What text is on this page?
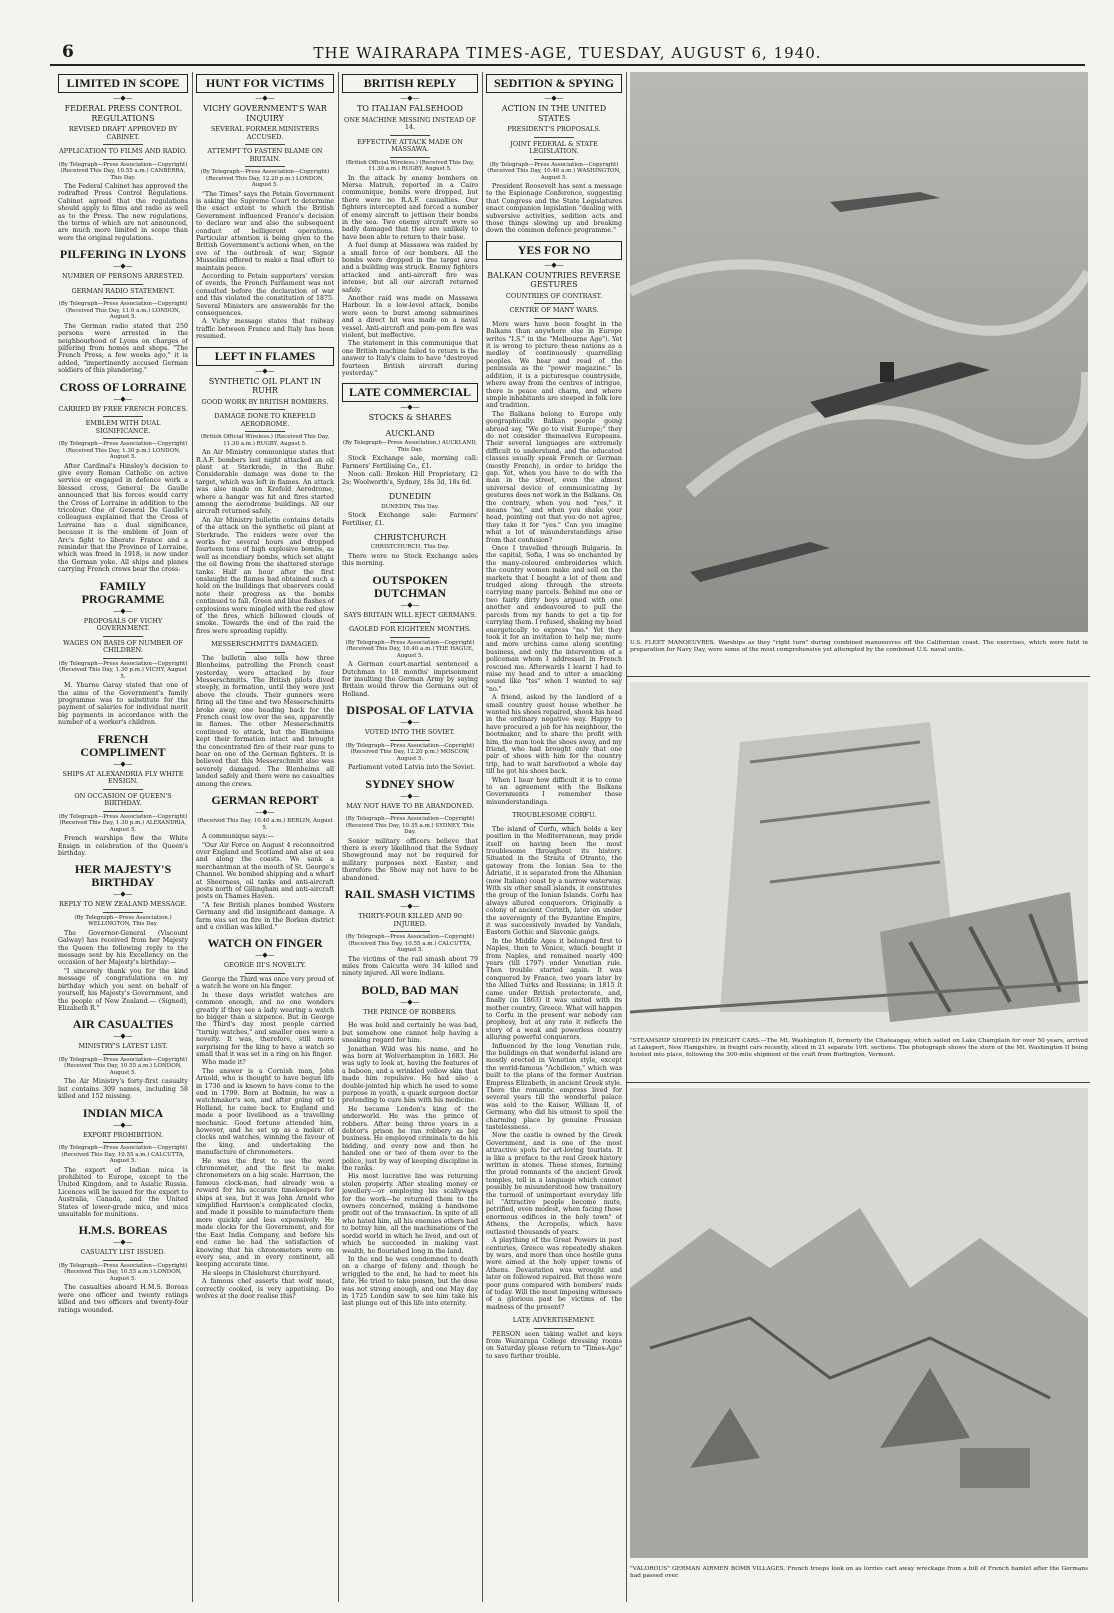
6	THE WAIRARAPA TIMES-AGE, TUESDAY, AUGUST 6, 1940.
LIMITED IN SCOPE
—◆—
FEDERAL PRESS CONTROL REGULATIONS
REVISED DRAFT APPROVED BY CABINET.
APPLICATION TO FILMS AND RADIO.
(By Telegraph—Press Association—Copyright) (Received This Day, 10.55 a.m.) CANBERRA, This Day.

The Federal Cabinet has approved the redrafted Press Control Regulations. Cabinet agreed that the regulations should apply to films and radio as well as to the Press. The new regulations, the terms of which are not announced, are much more limited in scope than were the original regulations.

PILFERING IN LYONS
—◆—
NUMBER OF PERSONS ARRESTED.
GERMAN RADIO STATEMENT.
(By Telegraph—Press Association—Copyright) (Received This Day, 11.0 a.m.) LONDON, August 5.

The German radio stated that 250 persons were arrested in the neighbourhood of Lyons on charges of pilfering from homes and shops. "The French Press, a few weeks ago," it is added, "impertinently accused German soldiers of this plundering."

CROSS OF LORRAINE
—◆—
CARRIED BY FREE FRENCH FORCES.
EMBLEM WITH DUAL SIGNIFICANCE.
(By Telegraph—Press Association—Copyright) (Received This Day, 1.30 p.m.) LONDON, August 5.

After Cardinal's Hinsley's decision to give every Roman Catholic on active service or engaged in defence work a blessed cross, General De Gaulle announced that his forces would carry the Cross of Lorraine in addition to the tricolour. One of General De Gaulle's colleagues explained that the Cross of Lorraine has a dual significance, because it is the emblem of Joan of Arc's fight to liberate France and a reminder that the Province of Lorraine, which was freed in 1918, is now under the German yoke. All ships and planes carrying French crews bear the cross.

FAMILY PROGRAMME
—◆—
PROPOSALS OF VICHY GOVERNMENT.
WAGES ON BASIS OF NUMBER OF CHILDREN.
(By Telegraph—Press Association—Copyright) (Received This Day, 1.30 p.m.) VICHY, August 5.

M. Ybarne Garay stated that one of the aims of the Government's family programme was to substitute for the payment of salaries for individual merit big payments in accordance with the number of a worker's children.

FRENCH COMPLIMENT
—◆—
SHIPS AT ALEXANDRIA FLY WHITE ENSIGN.
ON OCCASION OF QUEEN'S BIRTHDAY.
(By Telegraph—Press Association—Copyright) (Received This Day, 1.30 p.m.) ALEXANDRIA, August 5.

French warships flew the White Ensign in celebration of the Queen's birthday.

HER MAJESTY'S BIRTHDAY
—◆—
REPLY TO NEW ZEALAND MESSAGE.
(By Telegraph—Press Association.) WELLINGTON, This Day.

The Governor-General (Viscount Galway) has received from her Majesty the Queen the following reply to the message sent by his Excellency on the occasion of her Majesty's birthday:—

"I sincerely thank you for the kind message of congratulations on my birthday which you sent on behalf of yourself, his Majesty's Government, and the people of New Zealand.— (Signed), Elizabeth R."

AIR CASUALTIES
—◆—
MINISTRY'S LATEST LIST.
(By Telegraph—Press Association—Copyright) (Received This Day, 10.55 a.m.) LONDON, August 5.

The Air Ministry's forty-first casualty list contains 309 names, including 58 killed and 152 missing.

INDIAN MICA
—◆—
EXPORT PROHIBITION.
(By Telegraph—Press Association—Copyright) (Received This Day, 10.55 a.m.) CALCUTTA, August 5.

The export of Indian mica is prohibited to Europe, except to the United Kingdom, and to Asiatic Russia. Licences will be issued for the export to Australia, Canada, and the United States of lower-grade mica, and mica unsuitable for munitions.

H.M.S. BOREAS
—◆—
CASUALTY LIST ISSUED.
(By Telegraph—Press Association—Copyright) (Received This Day, 10.55 a.m.) LONDON, August 5.

The casualties aboard H.M.S. Boreas were one officer and twenty ratings killed and two officers and twenty-four ratings wounded.

HUNT FOR VICTIMS
—◆—
VICHY GOVERNMENT'S WAR INQUIRY
SEVERAL FORMER MINISTERS ACCUSED.
ATTEMPT TO FASTEN BLAME ON BRITAIN.
(By Telegraph—Press Association—Copyright) (Received This Day, 12.20 p.m.) LONDON, August 5.

"The Times" says the Petain Government is asking the Supreme Court to determine the exact extent to which the British Government influenced France's decision to declare war and also the subsequent conduct of belligerent operations. Particular attention is being given to the British Government's actions when, on the eve of the outbreak of war, Signor Mussolini offered to make a final effort to maintain peace.

According to Petain supporters' version of events, the French Parliament was not consulted before the declaration of war and this violated the constitution of 1875. Several Ministers are answerable for the consequences.

A Vichy message states that railway traffic between France and Italy has been resumed.

LEFT IN FLAMES
—◆—
SYNTHETIC OIL PLANT IN RUHR
GOOD WORK BY BRITISH BOMBERS.
DAMAGE DONE TO KREFELD AERODROME.
(British Official Wireless.) (Received This Day, 11.30 a.m.) RUGBY, August 5.

An Air Ministry communique states that R.A.F. bombers last night attacked an oil plant at Sterkrade, in the Ruhr. Considerable damage was done to the target, which was left in flames. An attack was also made on Krefeld Aerodrome, where a hangar was hit and fires started among the aerodrome buildings. All our aircraft returned safely.

An Air Ministry bulletin contains details of the attack on the synthetic oil plant at Sterkrade. The raiders were over the works for several hours and dropped fourteen tons of high explosive bombs, as well as incendiary bombs, which set alight the oil flowing from the shattered storage tanks. Half an hour after the first onslaught the flames had obtained such a hold on the buildings that observers could note their progress as the bombs continued to fall. Green and blue flashes of explosions were mingled with the red glow of the fires, which billowed clouds of smoke. Towards the end of the raid the fires were spreading rapidly.

MESSERSCHMITTS DAMAGED.

The bulletin also tells how three Blenheims, patrolling the French coast yesterday, were attacked by four Messerschmitts. The British pilots dived steeply, in formation, until they were just above the clouds. Their gunners were firing all the time and two Messerschmitts broke away, one heading back for the French coast low over the sea, apparently in flames. The other Messerschmitts continued to attack, but the Blenheims kept their formation intact and brought the concentrated fire of their rear guns to bear on one of the German fighters. It is believed that this Messerschmitt also was severely damaged. The Blenheims all landed safely and there were no casualties among the crews.

GERMAN REPORT
—◆—
(Received This Day, 10.40 a.m.) BERLIN, August 5.

A communique says:—

"Our Air Force on August 4 reconnoitred over England and Scotland and also at sea and along the coasts. We sank a merchantman at the mouth of St. George's Channel. We bombed shipping and a wharf at Sheerness, oil tanks and anti-aircraft posts north of Gillingham and anti-aircraft posts on Thames Haven.

"A few British planes bombed Western Germany and did insignificant damage. A farm was set on fire in the Borken district and a civilian was killed."

WATCH ON FINGER
—◆—
GEORGE III'S NOVELTY.

George the Third was once very proud of a watch he wore on his finger.

In these days wristlet watches are common enough, and no one wonders greatly if they see a lady wearing a watch no bigger than a sixpence. But in George the Third's day most people carried "turnip watches," and smaller ones were a novelty. It was, therefore, still more surprising for the king to have a watch so small that it was set in a ring on his finger.

Who made it?

The answer is a Cornish man, John Arnold, who is thought to have begun life in 1736 and is known to have come to the end in 1799. Born at Bodmin, he was a watchmaker's son, and after going off to Holland, he came back to England and made a poor livelihood as a travelling mechanic. Good fortune attended him, however, and he set up as a maker of clocks and watches, winning the favour of the king, and undertaking the manufacture of chronometers.

He was the first to use the word chronometer, and the first to make chronometers on a big scale. Harrison, the famous clock-man, had already won a reward for his accurate timekeepers for ships at sea, but it was John Arnold who simplified Harrison's complicated clocks, and made it possible to manufacture them more quickly and less expensively. He made clocks for the Government, and for the East India Company, and before his end came he had the satisfaction of knowing that his chronometers were on every sea, and in every continent, all keeping accurate time.

He sleeps in Chislehurst churchyard.

A famous chef asserts that wolf meat, correctly cooked, is very appetising. Do wolves at the door realise this?

BRITISH REPLY
—◆—
TO ITALIAN FALSEHOOD
ONE MACHINE MISSING INSTEAD OF 14.
EFFECTIVE ATTACK MADE ON MASSAWA.
(British Official Wireless.) (Received This Day, 11.30 a.m.) RUGBY, August 5.

In the attack by enemy bombers on Mersa Matruh, reported in a Cairo communique, bombs were dropped, but there were no R.A.F. casualties. Our fighters intercepted and forced a number of enemy aircraft to jettison their bombs in the sea. Two enemy aircraft were so badly damaged that they are unlikely to have been able to return to their base.

A fuel dump at Massawa was raided by a small force of our bombers. All the bombs were dropped in the target area and a building was struck. Enemy fighters attacked and anti-aircraft fire was intense, but all our aircraft returned safely.

Another raid was made on Massawa Harbour. In a low-level attack, bombs were seen to burst among submarines and a direct hit was made on a naval vessel. Anti-aircraft and pom-pom fire was violent, but ineffective.

The statement in this communique that one British machine failed to return is the answer to Italy's claim to have "destroyed fourteen British aircraft during yesterday."

LATE COMMERCIAL
—◆—
STOCKS & SHARES
AUCKLAND
(By Telegraph—Press Association.) AUCKLAND, This Day.

Stock Exchange sale, morning call: Farmers' Fertilising Co., £1.

Noon call: Broken Hill Proprietary, £2 2s; Woolworth's, Sydney, 18s 3d, 18s 6d.

DUNEDIN
DUNEDIN, This Day.

Stock Exchange sale: Farmers' Fertiliser, £1.

CHRISTCHURCH
CHRISTCHURCH, This Day.

There were no Stock Exchange sales this morning.

OUTSPOKEN DUTCHMAN
—◆—
SAYS BRITAIN WILL EJECT GERMANS.
GAOLED FOR EIGHTEEN MONTHS.
(By Telegraph—Press Association—Copyright) (Received This Day, 10.40 a.m.) THE HAGUE, August 5.

A German court-martial sentenced a Dutchman to 18 months' imprisonment for insulting the German Army by saying Britain would throw the Germans out of Holland.

DISPOSAL OF LATVIA
—◆—
VOTED INTO THE SOVIET.
(By Telegraph—Press Association—Copyright) (Received This Day, 12.20 p.m.) MOSCOW, August 5.

Parliament voted Latvia into the Soviet.

SYDNEY SHOW
—◆—
MAY NOT HAVE TO BE ABANDONED.
(By Telegraph—Press Association—Copyright) (Received This Day, 10.35 a.m.) SYDNEY, This Day.

Senior military officers believe that there is every likelihood that the Sydney Showground may not be required for military purposes next Easter, and therefore the Show may not have to be abandoned.

RAIL SMASH VICTIMS
—◆—
THIRTY-FOUR KILLED AND 90 INJURED.
(By Telegraph—Press Association—Copyright) (Received This Day, 10.55 a.m.) CALCUTTA, August 5.

The victims of the rail smash about 79 miles from Calcutta were 34 killed and ninety injured. All were Indians.

BOLD, BAD MAN
—◆—
THE PRINCE OF ROBBERS.

He was bold and certainly he was bad, but somehow one cannot help having a sneaking regard for him.

Jonathan Wild was his name, and he was born at Wolverhampton in 1683. He was ugly to look at, having the features of a baboon, and a wrinkled yellow skin that made him repulsive. He had also a double-jointed hip which he used to some purpose in youth, a quack surgeon doctor pretending to cure him with his medicine.

He became London's king of the underworld. He was the prince of robbers. After being three years in a debtor's prison he ran robbery as big business. He employed criminals to do his bidding, and every now and then he handed one or two of them over to the police, just by way of keeping discipline in the ranks.

His most lucrative line was returning stolen property. After stealing money or jewellery—or employing his scallywags for the work—he returned them to the owners concerned, making a handsome profit out of the transaction. In spite of all who hated him, all his enemies others had to betray him, all the machinations of the sordid world in which he lived, and out of which he succeeded in making vast wealth, he flourished long in the land.

In the end he was condemned to death on a charge of felony and though he wriggled to the end, he had to meet his fate. He tried to take poison, but the dose was not strong enough, and one May day in 1725 London saw to see him take his last plunge out of this life into eternity.

SEDITION & SPYING
—◆—
ACTION IN THE UNITED STATES
PRESIDENT'S PROPOSALS.
JOINT FEDERAL & STATE LEGISLATION.
(By Telegraph—Press Association—Copyright) (Received This Day, 10.40 a.m.) WASHINGTON, August 5.

President Roosevelt has sent a message to the Espionage Conference, suggesting that Congress and the State Legislatures enact companion legislation "dealing with subversive activities, sedition acts and those things slowing up and breaking down the common defence programme."

YES FOR NO
—◆—
BALKAN COUNTRIES REVERSE GESTURES
COUNTRIES OF CONTRAST.
CENTRE OF MANY WARS.

More wars have been fought in the Balkans than anywhere else in Europe writes "I.S." in the "Melbourne Age"). Yet it is wrong to picture these nations as a medley of continuously quarrelling peoples. We hear and read of the peninsula as the "power magazine." In addition, it is a picturesque countryside, where away from the centres of intrigue, there is peace and charm, and where simple inhabitants are steeped in folk lore and tradition.

The Balkans belong to Europe only geographically. Balkan people going abroad say, "We go to visit Europe;" they do not consider themselves Europeans. Their several languages are extremely difficult to understand, and the educated classes usually speak French or German (mostly French), in order to bridge the gap. Yet, when you have to do with the man in the street, even the almost universal device of communicating by gestures does not work in the Balkans. On the contrary, when you nod "yes," it means "no," and when you shake your head, pointing out that you do not agree, they take it for "yes." Can you imagine what a lot of misunderstandings arise from that confusion?

Once I travelled through Bulgaria. In the capital, Sofia, I was so enchanted by the many-coloured embroideries which the country women make and sell on the markets that I bought a lot of them and trudged along through the streets carrying many parcels. Behind me one or two fairly dirty boys argued with one another and endeavoured to pull the parcels from my hands to get a tip for carrying them. I refused, shaking my head energetically to express "no." Yet they took it for an invitation to help me; more and more urchins came along scenting business, and only the intervention of a policeman whom I addressed in French rescued me. Afterwards I learnt I had to raise my head and to utter a smacking sound like "tss" when I wanted to say "no."

A friend, asked by the landlord of a small country guest house whether he wanted his shoes repaired, shook his head in the ordinary negative way. Happy to have procured a job for his neighbour, the bootmaker, and to share the profit with him, the man took the shoes away, and my friend, who had brought only that one pair of shoes with him for the country trip, had to wait barefooted a whole day till he got his shoes back.

When I hear how difficult it is to come to an agreement with the Balkans Governments I remember these misunderstandings.

TROUBLESOME CORFU.

The island of Corfu, which holds a key position in the Mediterranean, may pride itself on having been the most troublesome throughout its history. Situated in the Straits of Otranto, the gateway from the Ionian Sea to the Adriatic, it is separated from the Albanian (now Italian) coast by a narrow waterway. With six other small islands, it constitutes the group of the Ionian Islands. Corfu has always allured conquerors. Originally a colony of ancient Corinth, later on under the sovereignty of the Byzantine Empire, it was successively invaded by Vandals, Eastern Gothic and Slavonic gangs.

In the Middle Ages it belonged first to Naples, then to Venice, which bought it from Naples, and remained nearly 400 years (till 1797) under Venetian rule. Then trouble started again. It was conquered by France, two years later by the Allied Turks and Russians; in 1815 it came under British protectorate, and, finally (in 1863) it was united with its mother country, Greece. What will happen to Corfu in the present war nobody can prophesy, but at any rate it reflects the story of a weak and powerless country alluring powerful conquerors.

Influenced by the long Venetian rule, the buildings on that wonderful island are mostly erected in Venetian style, except the world-famous "Achilleion," which was built to the plans of the former Austrian Empress Elizabeth, in ancient Greek style. There the romantic empress lived for several years till the wonderful palace was sold to the Kaiser, William II, of Germany, who did his utmost to spoil the charming place by genuine Prussian tastelessness.

Now the castle is owned by the Greek Government, and is one of the most attractive spots for art-loving tourists. It is like a preface to the real Greek history written in stones. These stones, forming the proud remnants of the ancient Greek temples, tell in a language which cannot possibly be misunderstood how transitory the turmoil of unimportant everyday life is! "Attractive people become mute, petrified, even modest, when facing those enormous edifices in the holy town" of Athens, the Acropolis, which have outlasted thousands of years.

A plaything of the Great Powers in past centuries, Greece was repeatedly shaken by wars, and more than once hostile guns were aimed at the holy upper towns of Athens. Devastation was wrought and later on followed repaired. But those were poor guns compared with bombers' raids of today. Will the most imposing witnesses of a glorious past be victims of the madness of the present?

LATE ADVERTISEMENT.

PERSON seen taking wallet and keys from Wairarapa College dressing rooms on Saturday please return to "Times-Age" to save further trouble.

U.S. FLEET MANOEUVRES. Warships as they "right turn" during combined manoeuvres off the Californian coast. The exercises, which were held in preparation for Navy Day, were some of the most comprehensive yet attempted by the combined U.S. naval units.
"STEAMSHIP SHIPPED IN FREIGHT CARS.—The Mt. Washington II, formerly the Chateaugay, which sailed on Lake Champlain for over 50 years, arrived at Lakeport, New Hampshire, in freight cars recently, sliced in 21 separate 10ft. sections. The photograph shows the stern of the Mt. Washington II being hoisted into place, following the 300-mile shipment of the craft from Burlington, Vermont.
"VALOROUS" GERMAN AIRMEN BOMB VILLAGES. French troops look on as lorries cart away wreckage from a bill of French hamlet after the Germans had passed over.
